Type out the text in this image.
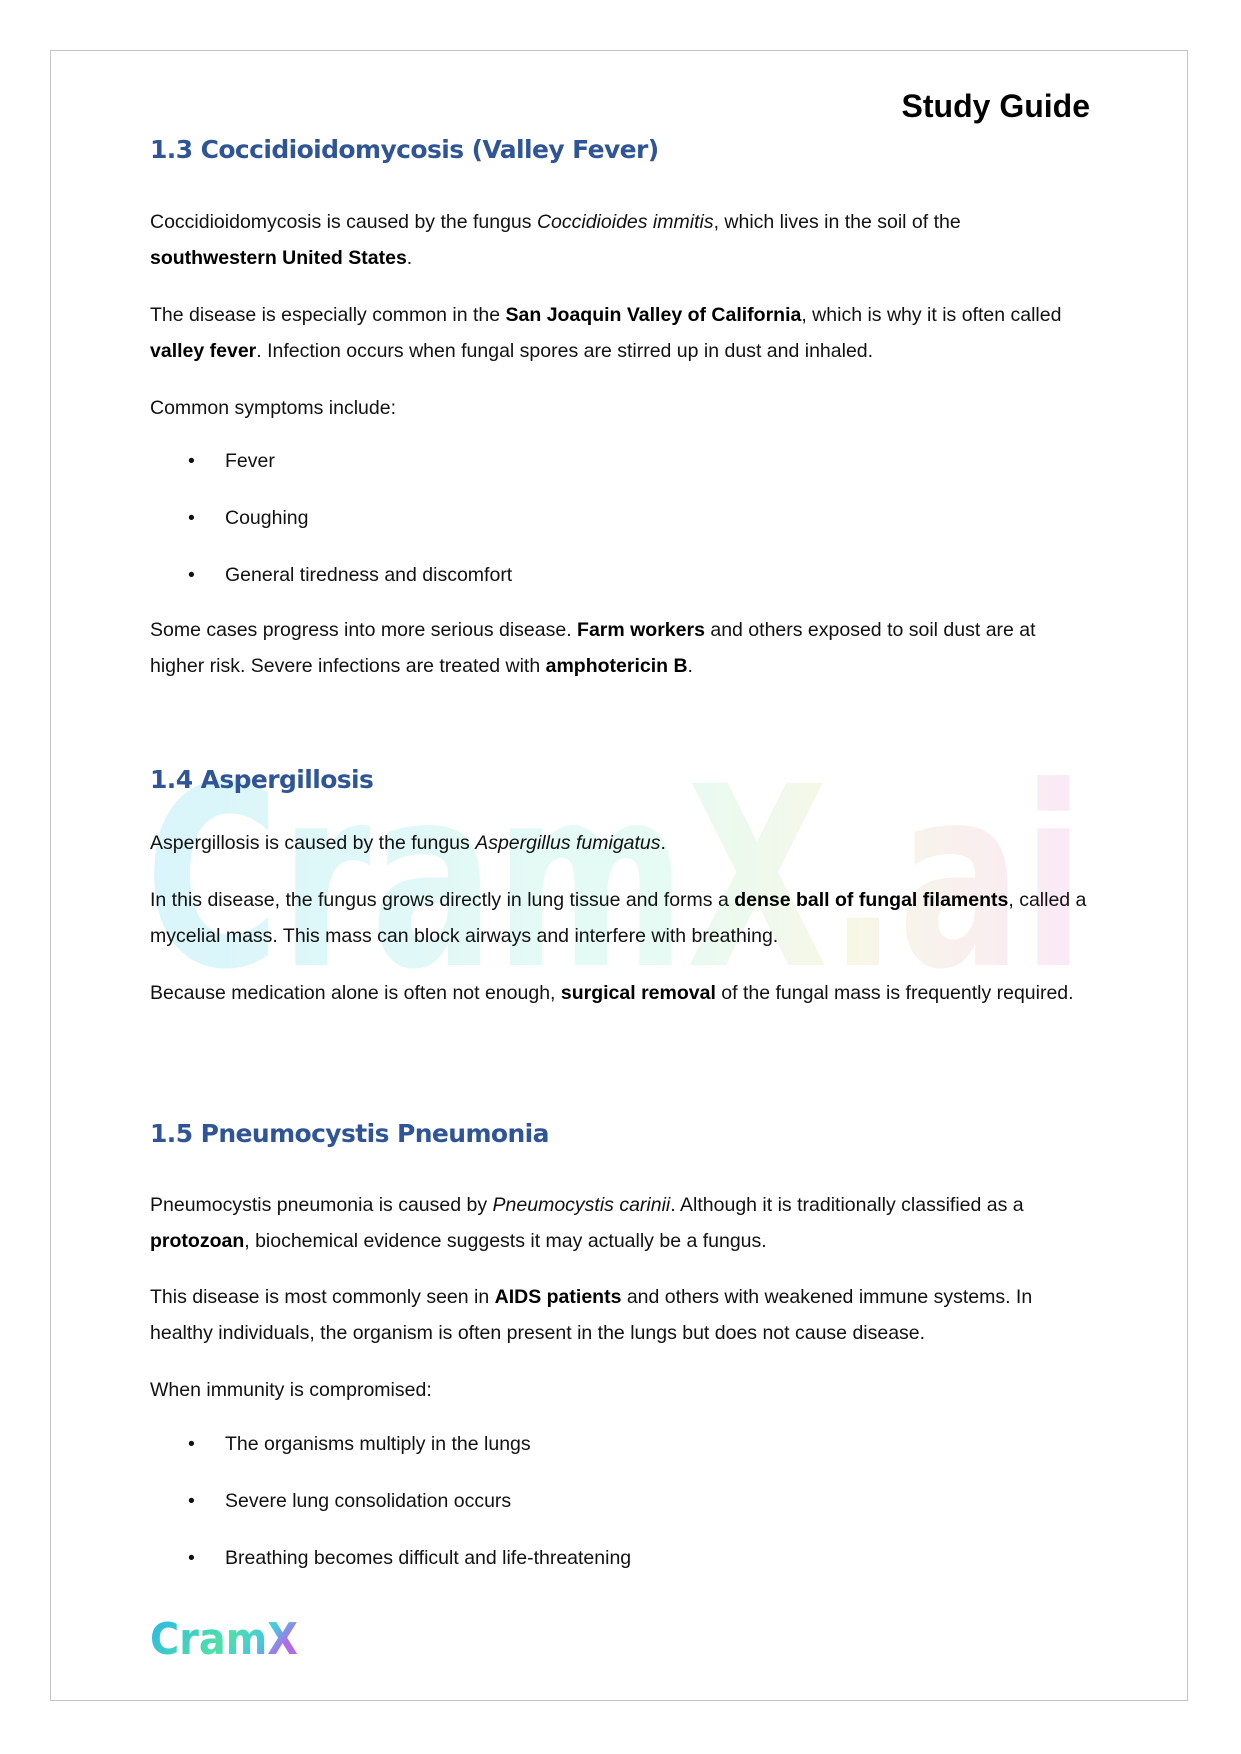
CramX.ai
Study Guide
1.3 Coccidioidomycosis (Valley Fever)
Coccidioidomycosis is caused by the fungus Coccidioides immitis, which lives in the soil of the southwestern United States.
The disease is especially common in the San Joaquin Valley of California, which is why it is often called valley fever. Infection occurs when fungal spores are stirred up in dust and inhaled.
Common symptoms include:
• Fever
• Coughing
• General tiredness and discomfort
Some cases progress into more serious disease. Farm workers and others exposed to soil dust are at higher risk. Severe infections are treated with amphotericin B.
1.4 Aspergillosis
Aspergillosis is caused by the fungus Aspergillus fumigatus.
In this disease, the fungus grows directly in lung tissue and forms a dense ball of fungal filaments, called a mycelial mass. This mass can block airways and interfere with breathing.
Because medication alone is often not enough, surgical removal of the fungal mass is frequently required.
1.5 Pneumocystis Pneumonia
Pneumocystis pneumonia is caused by Pneumocystis carinii. Although it is traditionally classified as a protozoan, biochemical evidence suggests it may actually be a fungus.
This disease is most commonly seen in AIDS patients and others with weakened immune systems. In healthy individuals, the organism is often present in the lungs but does not cause disease.
When immunity is compromised:
• The organisms multiply in the lungs
• Severe lung consolidation occurs
• Breathing becomes difficult and life-threatening
CramX
